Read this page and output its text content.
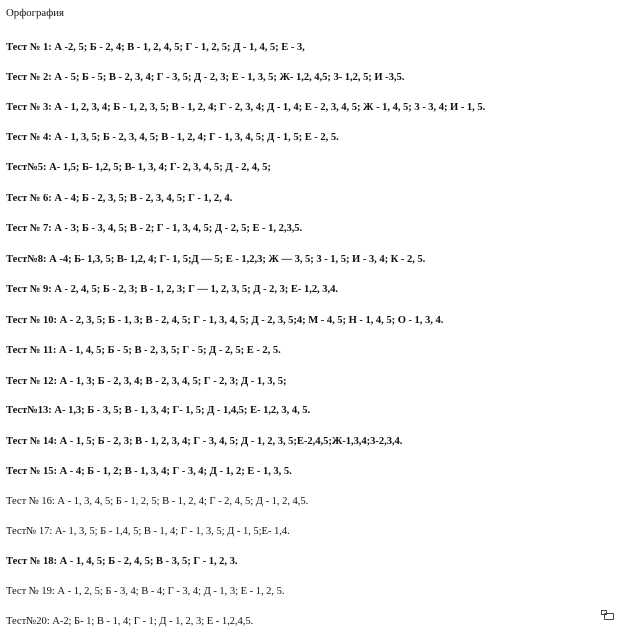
Орфография
Тест № 1: А -2, 5; Б - 2, 4; В - 1, 2, 4, 5; Г - 1, 2, 5; Д - 1, 4, 5; Е - 3,
Тест № 2: А - 5; Б - 5; В - 2, 3, 4; Г - 3, 5; Д - 2, 3; Е - 1, 3, 5; Ж- 1,2, 4,5; 3- 1,2, 5; И -3,5.
Тест № 3: А - 1, 2, 3, 4; Б - 1, 2, 3, 5; В - 1, 2, 4; Г - 2, 3, 4; Д - 1, 4; Е - 2, 3, 4, 5; Ж - 1, 4, 5; 3 - 3, 4; И - 1, 5.
Тест № 4: А - 1, 3, 5; Б - 2, 3, 4, 5; В - 1, 2, 4; Г - 1, 3, 4, 5; Д - 1, 5; Е - 2, 5.
Тест№5: А- 1,5; Б- 1,2, 5; В- 1, 3, 4; Г- 2, 3, 4, 5; Д - 2, 4, 5;
Тест № 6: А - 4; Б - 2, 3, 5; В - 2, 3, 4, 5; Г - 1, 2, 4.
Тест № 7: А - 3; Б - 3, 4, 5; В - 2; Г - 1, 3, 4, 5; Д - 2, 5; Е - 1, 2,3,5.
Тест№8: А -4; Б- 1,3, 5; В- 1,2, 4; Г- 1, 5;Д — 5; Е - 1,2,3; Ж — 3, 5; 3 - 1, 5; И - 3, 4; К - 2, 5.
Тест № 9: А - 2, 4, 5; Б - 2, 3; В - 1, 2, 3; Г — 1, 2, 3, 5; Д - 2, 3; Е- 1,2, 3,4.
Тест № 10: А - 2, 3, 5; Б - 1, 3; В - 2, 4, 5; Г - 1, 3, 4, 5; Д - 2, 3, 5;4; М - 4, 5; Н - 1, 4, 5; О - 1, 3, 4.
Тест № 11: А - 1, 4, 5; Б - 5; В - 2, 3, 5; Г - 5; Д - 2, 5; Е - 2, 5.
Тест № 12: А - 1, 3; Б - 2, 3, 4; В - 2, 3, 4, 5; Г - 2, 3; Д - 1, 3, 5;
Тест№13: А- 1,3; Б - 3, 5; В - 1, 3, 4; Г- 1, 5; Д - 1,4,5; Е- 1,2, 3, 4, 5.
Тест № 14: А - 1, 5; Б - 2, 3; В - 1, 2, 3, 4; Г - 3, 4, 5; Д - 1, 2, 3, 5;Е-2,4,5;Ж-1,3,4;3-2,3,4.
Тест № 15: А - 4; Б - 1, 2; В - 1, 3, 4; Г - 3, 4; Д - 1, 2; Е - 1, 3, 5.
Тест № 16: А - 1, 3, 4, 5; Б - 1, 2, 5; В - 1, 2, 4; Г - 2, 4, 5; Д - 1, 2, 4,5.
Тест№ 17: А- 1, 3, 5; Б - 1,4, 5; В - 1, 4; Г - 1, 3, 5; Д - 1, 5;Е- 1,4.
Тест № 18: А - 1, 4, 5; Б - 2, 4, 5; В - 3, 5; Г - 1, 2, 3.
Тест № 19: А - 1, 2, 5; Б - 3, 4; В - 4; Г - 3, 4; Д - 1, 3; Е - 1, 2, 5.
Тест№20: А-2; Б- 1; В - 1, 4; Г - 1; Д - 1, 2, 3; Е - 1,2,4,5.
